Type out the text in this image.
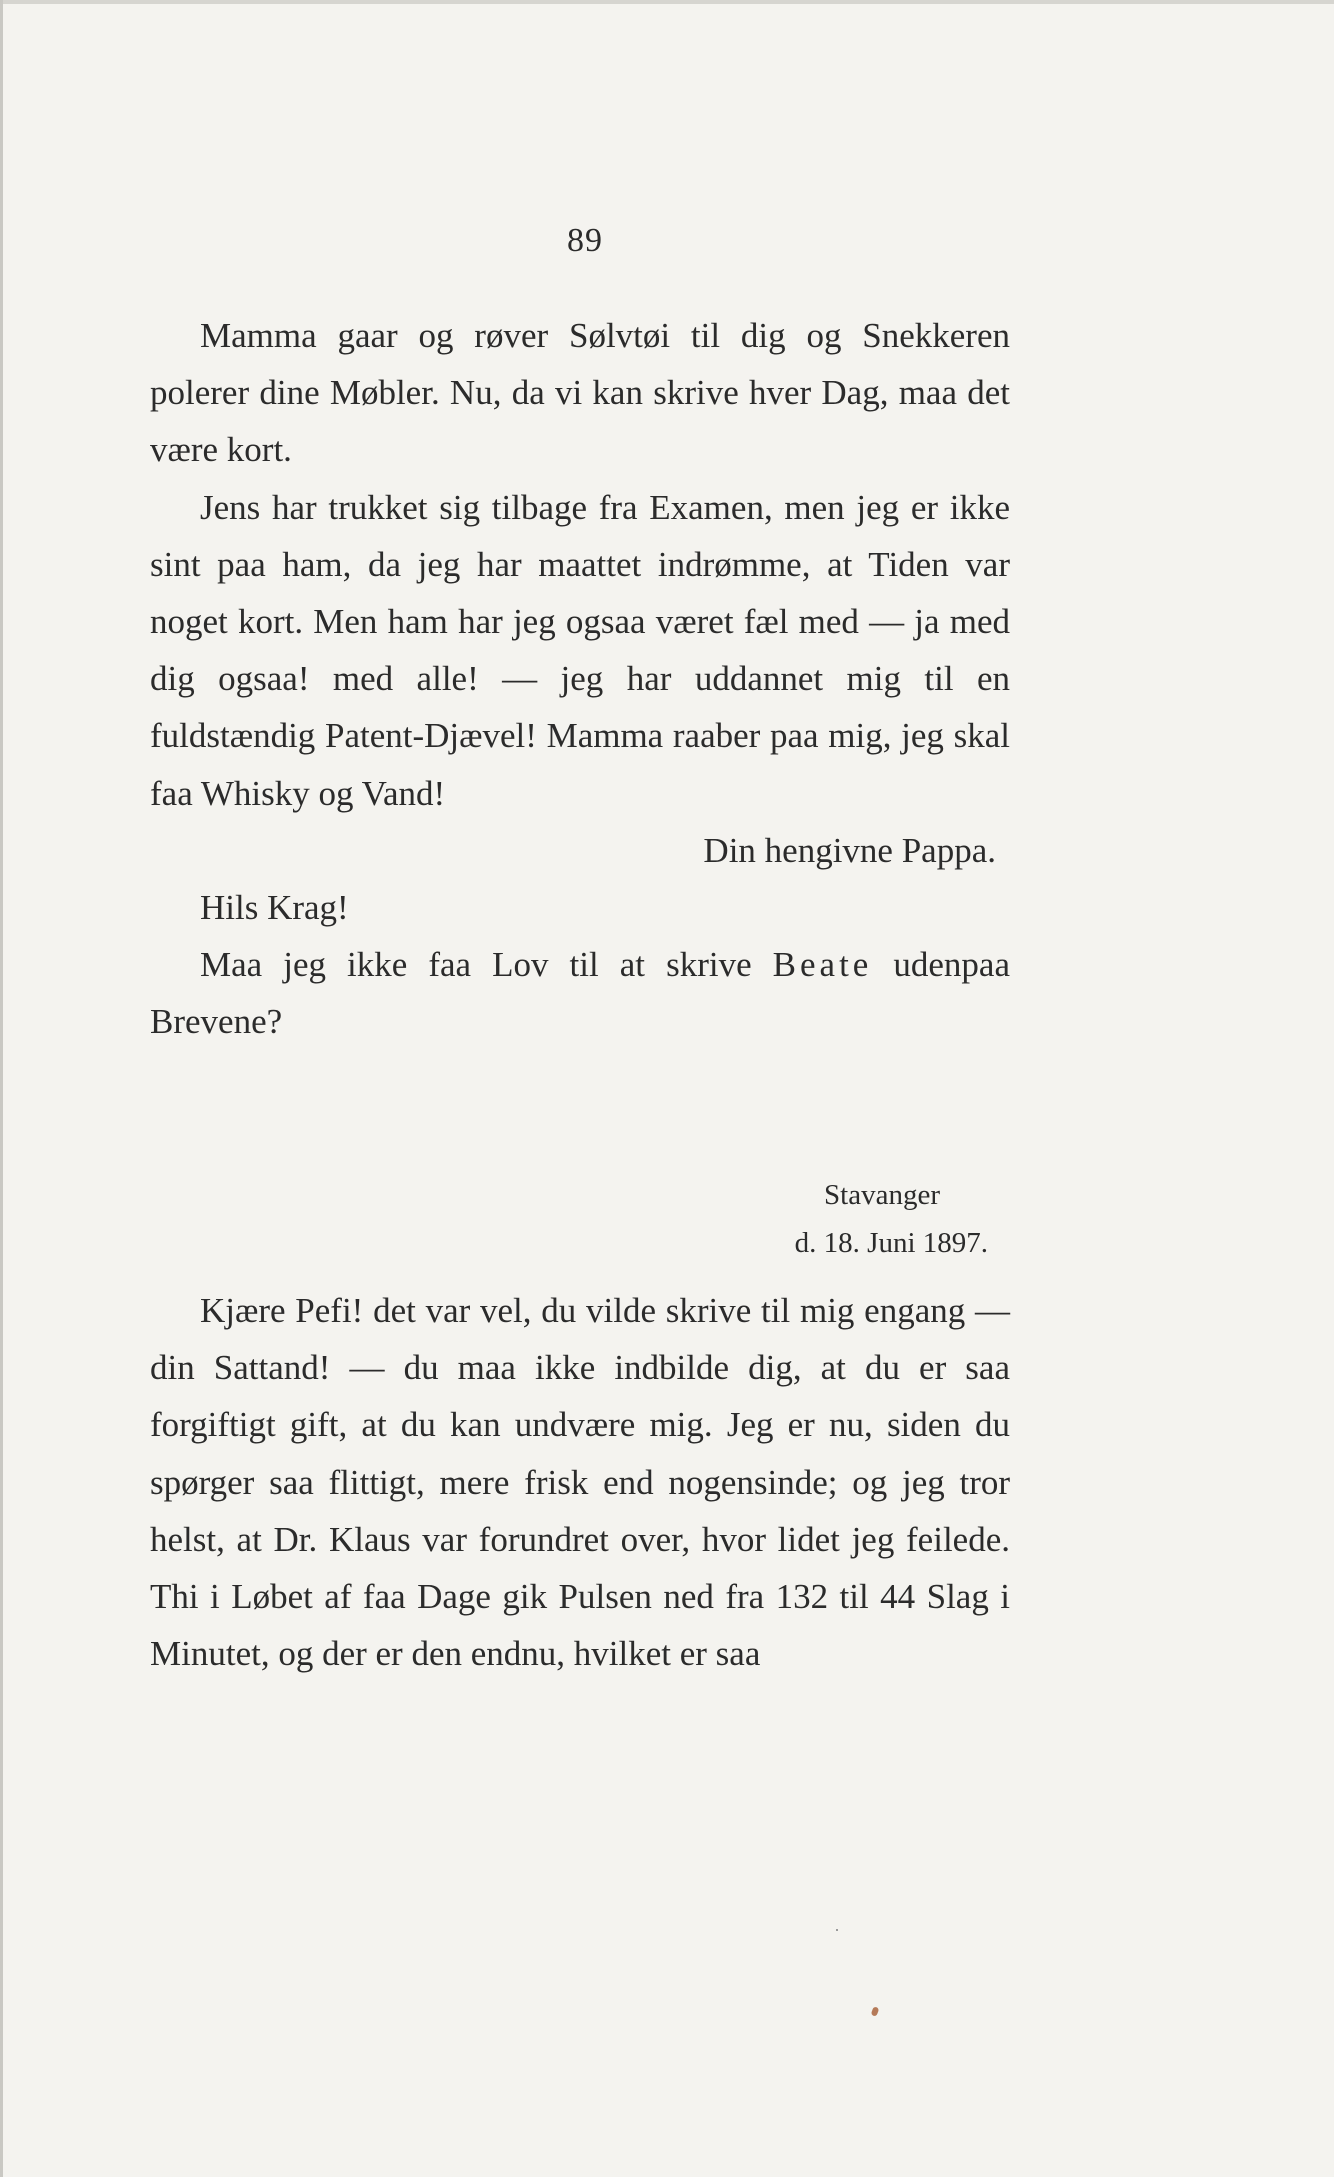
89

Mamma gaar og røver Sølvtøi til dig og Snekkeren polerer dine Møbler. Nu, da vi kan skrive hver Dag, maa det være kort.

Jens har trukket sig tilbage fra Examen, men jeg er ikke sint paa ham, da jeg har maattet indrømme, at Tiden var noget kort. Men ham har jeg ogsaa været fæl med — ja med dig ogsaa! med alle! — jeg har uddannet mig til en fuldstændig Patent-Djævel! Mamma raaber paa mig, jeg skal faa Whisky og Vand!

Din hengivne Pappa.

Hils Krag!

Maa jeg ikke faa Lov til at skrive Beate udenpaa Brevene?

Stavanger
d. 18. Juni 1897.

Kjære Pefi! det var vel, du vilde skrive til mig engang — din Sattand! — du maa ikke indbilde dig, at du er saa forgiftigt gift, at du kan undvære mig. Jeg er nu, siden du spørger saa flittigt, mere frisk end nogensinde; og jeg tror helst, at Dr. Klaus var forundret over, hvor lidet jeg feilede. Thi i Løbet af faa Dage gik Pulsen ned fra 132 til 44 Slag i Minutet, og der er den endnu, hvilket er saa
